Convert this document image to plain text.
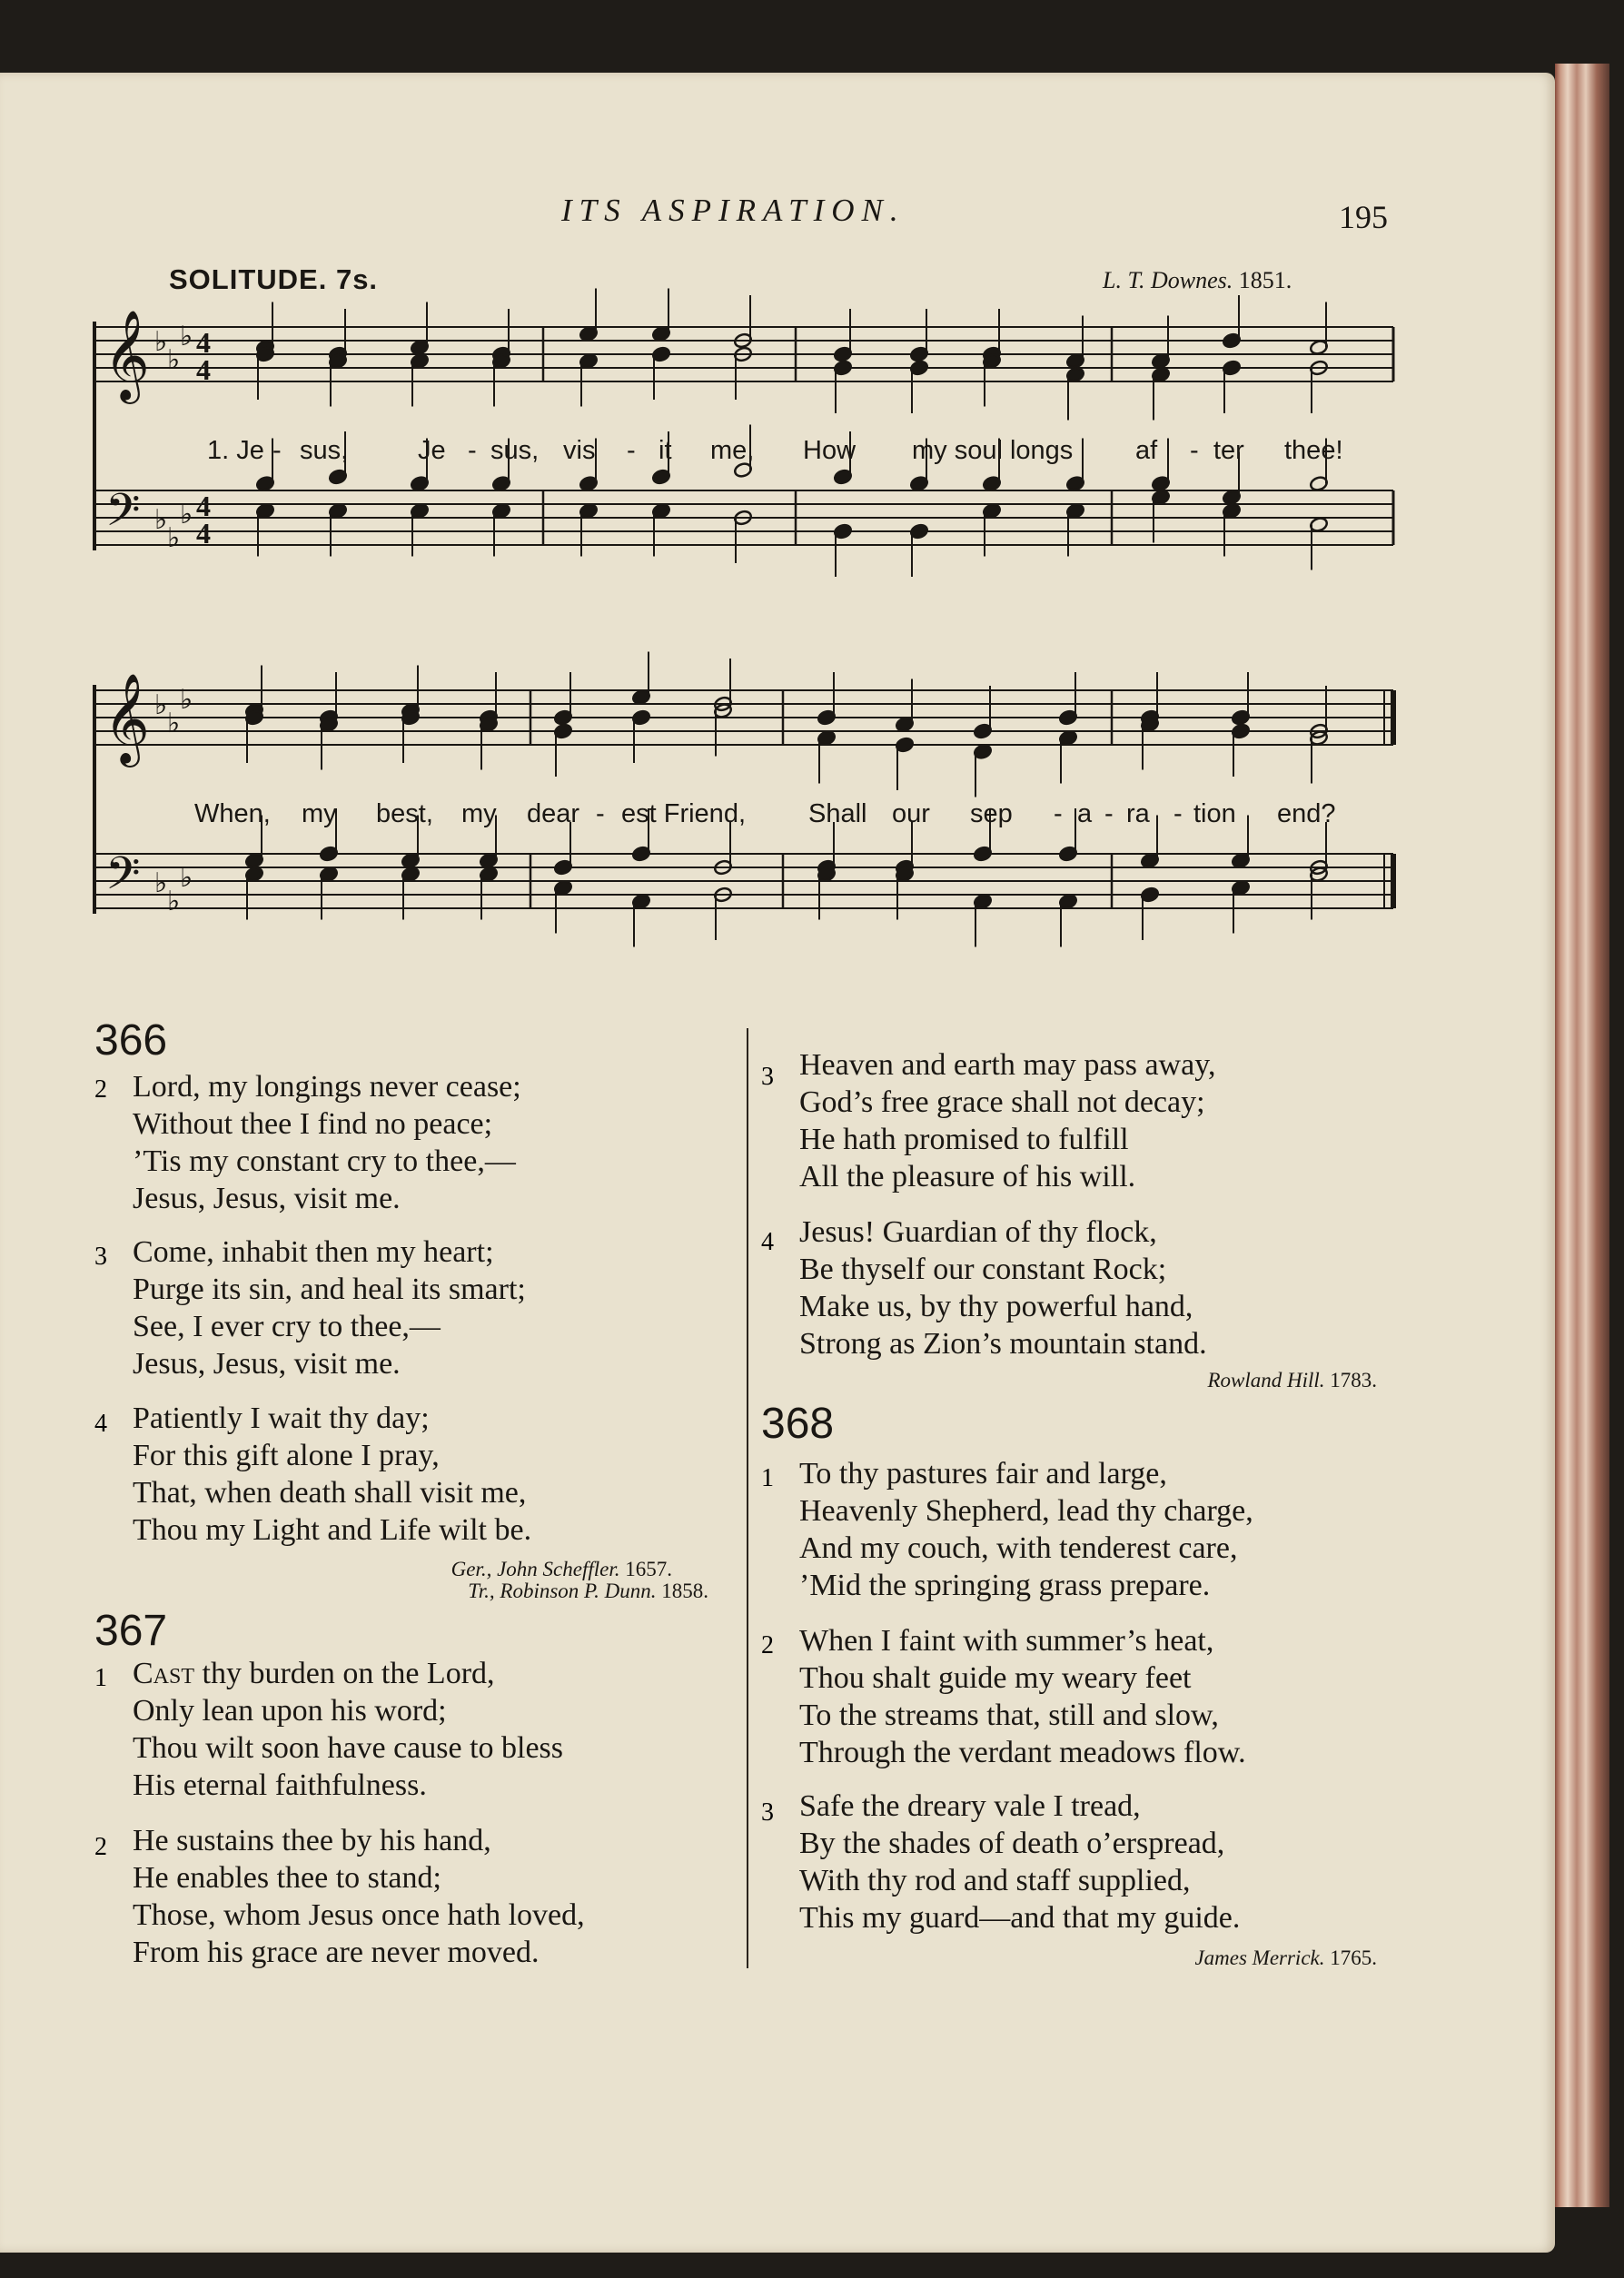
ITS ASPIRATION.	195
SOLITUDE. 7s.	L. T. Downes. 1851.
𝄞
𝄢
♭
♭
♭
♭
♭
♭
4
4
4
4
𝄞
𝄢
♭
♭
♭
♭
♭
♭
1. Je - sus,	Je - sus, vis - it me, How my soul longs af - ter thee!
When, my best, my dear - est Friend, Shall our sep - a - ra - tion end?
366
2 Lord, my longings never cease;
Without thee I find no peace;
’Tis my constant cry to thee,—
Jesus, Jesus, visit me.
3 Come, inhabit then my heart;
Purge its sin, and heal its smart;
See, I ever cry to thee,—
Jesus, Jesus, visit me.
4 Patiently I wait thy day;
For this gift alone I pray,
That, when death shall visit me,
Thou my Light and Life wilt be.
Ger., John Scheffler. 1657.
Tr., Robinson P. Dunn. 1858.
367
1 Cast thy burden on the Lord,
Only lean upon his word;
Thou wilt soon have cause to bless
His eternal faithfulness.
2 He sustains thee by his hand,
He enables thee to stand;
Those, whom Jesus once hath loved,
From his grace are never moved.
3 Heaven and earth may pass away,
God’s free grace shall not decay;
He hath promised to fulfill
All the pleasure of his will.
4 Jesus! Guardian of thy flock,
Be thyself our constant Rock;
Make us, by thy powerful hand,
Strong as Zion’s mountain stand.
Rowland Hill. 1783.
368
1 To thy pastures fair and large,
Heavenly Shepherd, lead thy charge,
And my couch, with tenderest care,
’Mid the springing grass prepare.
2 When I faint with summer’s heat,
Thou shalt guide my weary feet
To the streams that, still and slow,
Through the verdant meadows flow.
3 Safe the dreary vale I tread,
By the shades of death o’erspread,
With thy rod and staff supplied,
This my guard—and that my guide.
James Merrick. 1765.
